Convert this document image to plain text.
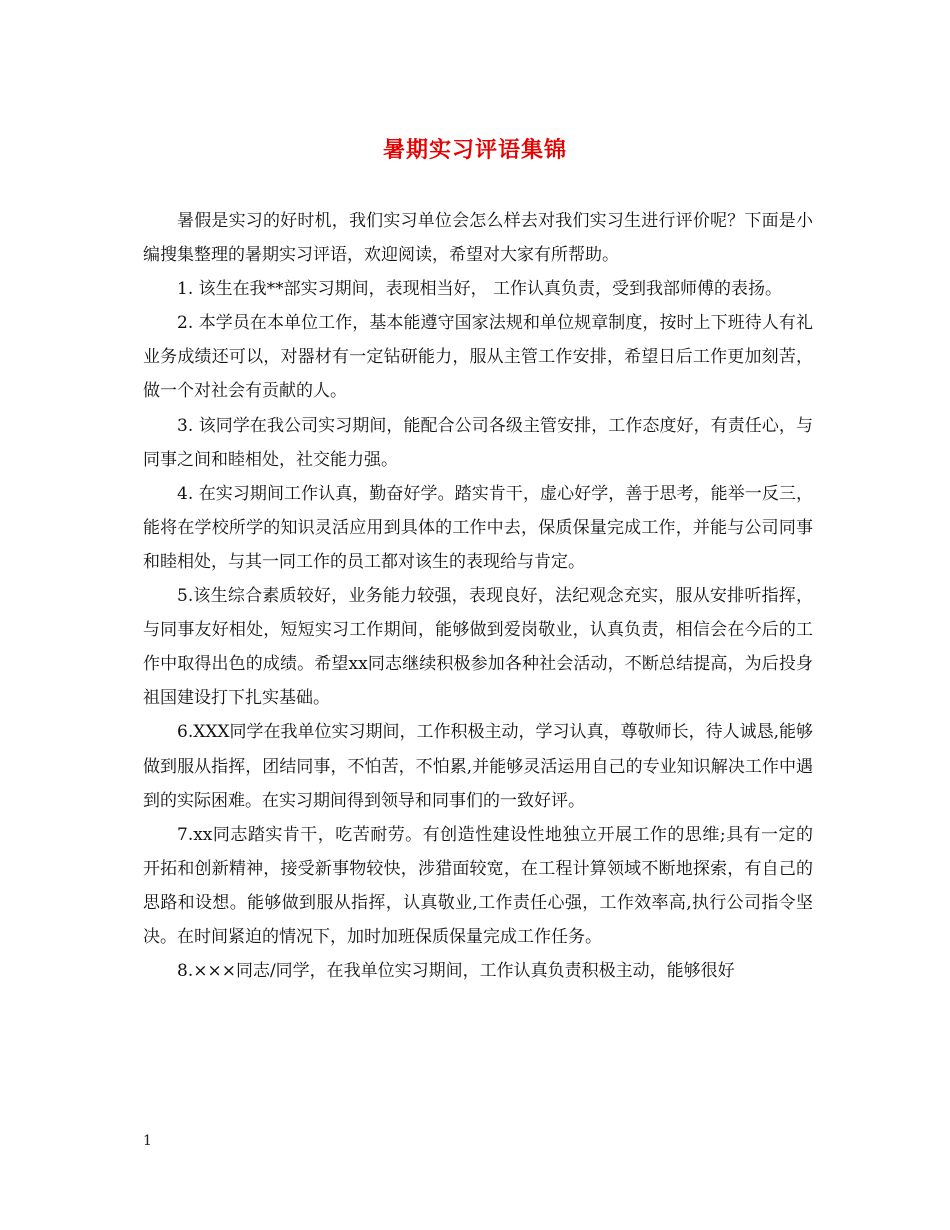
暑期实习评语集锦

暑假是实习的好时机，我们实习单位会怎么样去对我们实习生进行评价呢？下面是小编搜集整理的暑期实习评语，欢迎阅读，希望对大家有所帮助。

1. 该生在我**部实习期间，表现相当好， 工作认真负责，受到我部师傅的表扬。

2. 本学员在本单位工作，基本能遵守国家法规和单位规章制度，按时上下班待人有礼业务成绩还可以，对器材有一定钻研能力，服从主管工作安排，希望日后工作更加刻苦，做一个对社会有贡献的人。

3. 该同学在我公司实习期间，能配合公司各级主管安排，工作态度好，有责任心，与同事之间和睦相处，社交能力强。

4. 在实习期间工作认真，勤奋好学。踏实肯干，虚心好学，善于思考，能举一反三，能将在学校所学的知识灵活应用到具体的工作中去，保质保量完成工作，并能与公司同事和睦相处，与其一同工作的员工都对该生的表现给与肯定。

5.该生综合素质较好，业务能力较强，表现良好，法纪观念充实，服从安排听指挥，与同事友好相处，短短实习工作期间，能够做到爱岗敬业，认真负责，相信会在今后的工作中取得出色的成绩。希望xx同志继续积极参加各种社会活动，不断总结提高，为后投身祖国建设打下扎实基础。

6.XXX同学在我单位实习期间，工作积极主动，学习认真，尊敬师长，待人诚恳,能够做到服从指挥，团结同事，不怕苦，不怕累,并能够灵活运用自己的专业知识解决工作中遇到的实际困难。在实习期间得到领导和同事们的一致好评。

7.xx同志踏实肯干，吃苦耐劳。有创造性建设性地独立开展工作的思维;具有一定的开拓和创新精神，接受新事物较快，涉猎面较宽，在工程计算领域不断地探索，有自己的思路和设想。能够做到服从指挥，认真敬业,工作责任心强，工作效率高,执行公司指令坚决。在时间紧迫的情况下，加时加班保质保量完成工作任务。

8.×××同志/同学，在我单位实习期间，工作认真负责积极主动，能够很好

1
